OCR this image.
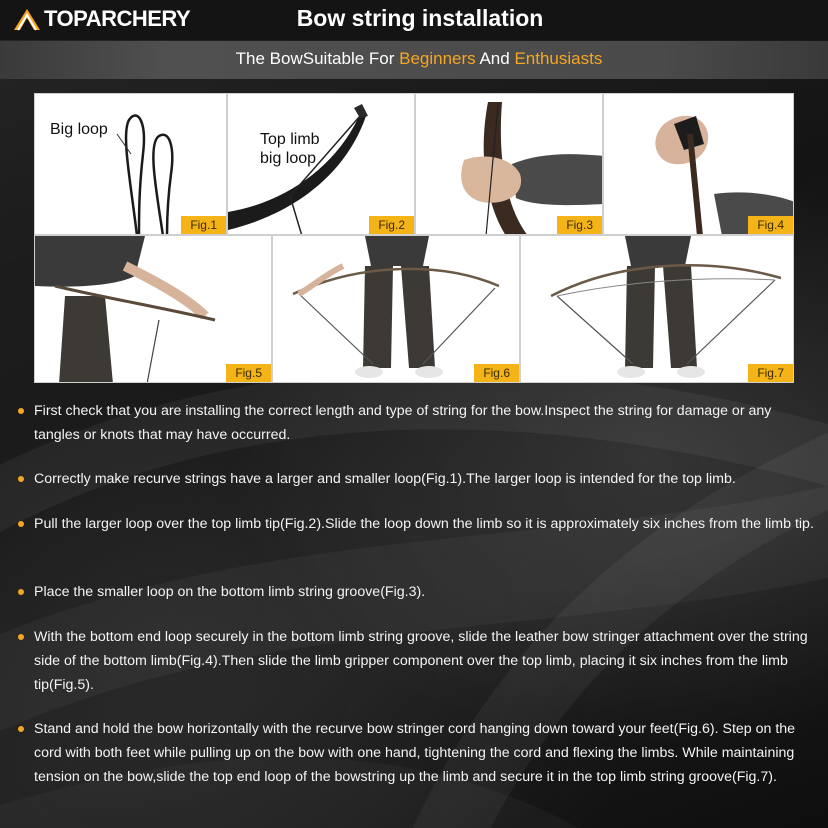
TOPARCHERY	Bow string installation
The BowSuitable For Beginners And Enthusiasts
Big loop
Fig.1
Top limb
big loop
Fig.2	Fig.3	Fig.4
Fig.5	Fig.6	Fig.7
First check that you are installing the correct length and type of string for the bow.Inspect the string for damage or any tangles or knots that may have occurred.
Correctly make recurve strings have a larger and smaller loop(Fig.1).The larger loop is intended for the top limb.
Pull the larger loop over the top limb tip(Fig.2).Slide the loop down the limb so it is approximately six inches from the limb tip.
Place the smaller loop on the bottom limb string groove(Fig.3).
With the bottom end loop securely in the bottom limb string groove, slide the leather bow stringer attachment over the string side of the bottom limb(Fig.4).Then slide the limb gripper component over the top limb, placing it six inches from the limb tip(Fig.5).
Stand and hold the bow horizontally with the recurve bow stringer cord hanging down toward your feet(Fig.6). Step on the cord with both feet while pulling up on the bow with one hand, tightening the cord and flexing the limbs. While maintaining tension on the bow,slide the top end loop of the bowstring up the limb and secure it in the top limb string groove(Fig.7).
